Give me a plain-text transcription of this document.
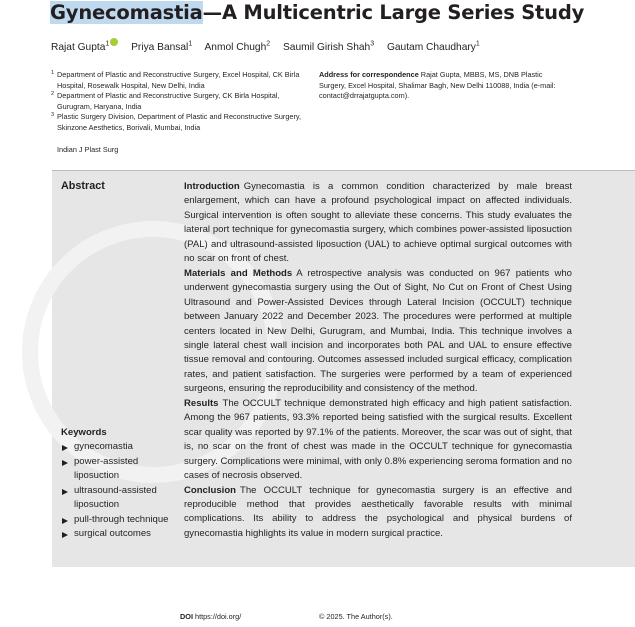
Gynecomastia—A Multicentric Large Series Study
Rajat Gupta$^1$ Priya Bansal$^1$ Anmol Chugh$^2$ Saumil Girish Shah$^3$ Gautam Chaudhary$^1$
1 Department of Plastic and Reconstructive Surgery, Excel Hospital, CK Birla Hospital, Rosewalk Hospital, New Delhi, India
2 Department of Plastic and Reconstructive Surgery, CK Birla Hospital, Gurugram, Haryana, India
3 Plastic Surgery Division, Department of Plastic and Reconstructive Surgery, Skinzone Aesthetics, Borivali, Mumbai, India
Address for correspondence Rajat Gupta, MBBS, MS, DNB Plastic Surgery, Excel Hospital, Shalimar Bagh, New Delhi 110088, India (e-mail: contact@drrajatgupta.com).
Indian J Plast Surg
Abstract	Introduction Gynecomastia is a common condition characterized by male breast enlargement, which can have a profound psychological impact on affected individuals. Surgical intervention is often sought to alleviate these concerns. This study evaluates the lateral port technique for gynecomastia surgery, which combines power-assisted liposuction (PAL) and ultrasound-assisted liposuction (UAL) to achieve optimal surgical outcomes with no scar on front of chest.

Materials and Methods A retrospective analysis was conducted on 967 patients who underwent gynecomastia surgery using the Out of Sight, No Cut on Front of Chest Using Ultrasound and Power-Assisted Devices through Lateral Incision (OCCULT) technique between January 2022 and December 2023. The procedures were performed at multiple centers located in New Delhi, Gurugram, and Mumbai, India. This technique involves a single lateral chest wall incision and incorporates both PAL and UAL to ensure effective tissue removal and contouring. Outcomes assessed included surgical efficacy, complication rates, and patient satisfaction. The surgeries were performed by a team of experienced surgeons, ensuring the reproducibility and consistency of the method.

Results The OCCULT technique demonstrated high efficacy and high patient satisfaction. Among the 967 patients, 93.3% reported being satisfied with the surgical results. Excellent scar quality was reported by 97.1% of the patients. Moreover, the scar was out of sight, that is, no scar on the front of chest was made in the OCCULT technique for gynecomastia surgery. Complications were minimal, with only 0.8% experiencing seroma formation and no cases of necrosis observed.

Conclusion The OCCULT technique for gynecomastia surgery is an effective and reproducible method that provides aesthetically favorable results with minimal complications. Its ability to address the psychological and physical burdens of gynecomastia highlights its value in modern surgical practice.

Keywords
gynecomastia
power-assisted liposuction
ultrasound-assisted liposuction
pull-through technique
surgical outcomes
DOI https://doi.org/	© 2025. The Author(s).
